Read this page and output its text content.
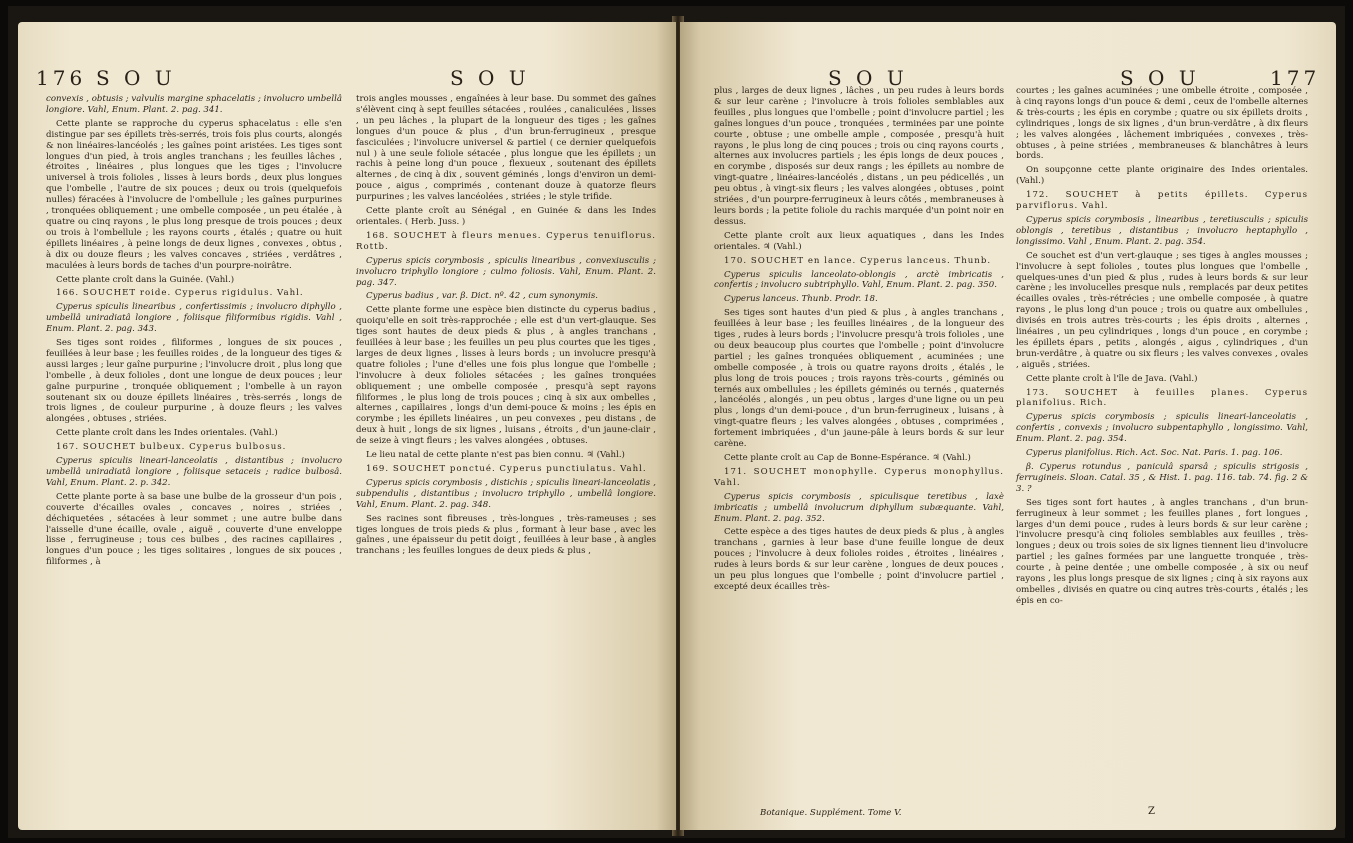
176 S O U	S O U

convexis , obtusis ; valvulis margine sphacelatis ; involucro umbellâ longiore. Vahl, Enum. Plant. 2. pag. 341.

Cette plante se rapproche du cyperus sphacelatus : elle s'en distingue par ses épillets très-serrés, trois fois plus courts, alongés & non linéaires-lancéolés ; les gaînes point aristées. Les tiges sont longues d'un pied, à trois angles tranchans ; les feuilles lâches , étroites , linéaires , plus longues que les tiges ; l'involucre universel à trois folioles , lisses à leurs bords , deux plus longues que l'ombelle , l'autre de six pouces ; deux ou trois (quelquefois nulles) féracées à l'involucre de l'ombellule ; les gaînes purpurines , tronquées obliquement ; une ombelle composée , un peu étalée , à quatre ou cinq rayons , le plus long presque de trois pouces ; deux ou trois à l'ombellule ; les rayons courts , étalés ; quatre ou huit épillets linéaires , à peine longs de deux lignes , convexes , obtus , à dix ou douze fleurs ; les valves concaves , striées , verdâtres , maculées à leurs bords de taches d'un pourpre-noirâtre.

Cette plante croît dans la Guinée. (Vahl.)

166. SOUCHET roide. Cyperus rigidulus. Vahl.

Cyperus spiculis linearibus , confertissimis ; involucro diphyllo , umbellâ uniradiatâ longiore , foliisque filiformibus rigidis. Vahl , Enum. Plant. 2. pag. 343.

Ses tiges sont roides , filiformes , longues de six pouces , feuillées à leur base ; les feuilles roides , de la longueur des tiges & aussi larges ; leur gaîne purpurine ; l'involucre droit , plus long que l'ombelle , à deux folioles , dont une longue de deux pouces ; leur gaîne purpurine , tronquée obliquement ; l'ombelle à un rayon soutenant six ou douze épillets linéaires , très-serrés , longs de trois lignes , de couleur purpurine , à douze fleurs ; les valves alongées , obtuses , striées.

Cette plante croît dans les Indes orientales. (Vahl.)

167. SOUCHET bulbeux. Cyperus bulbosus.

Cyperus spiculis lineari-lanceolatis , distantibus ; involucro umbellâ uniradiatâ longiore , foliisque setaceis ; radice bulbosâ. Vahl, Enum. Plant. 2. p. 342.

Cette plante porte à sa base une bulbe de la grosseur d'un pois , couverte d'écailles ovales , concaves , noires , striées , déchiquetées , sétacées à leur sommet ; une autre bulbe dans l'aisselle d'une écaille, ovale , aiguë , couverte d'une enveloppe lisse , ferrugineuse ; tous ces bulbes , des racines capillaires , longues d'un pouce ; les tiges solitaires , longues de six pouces , filiformes , à

trois angles mousses , engaînées à leur base. Du sommet des gaînes s'élèvent cinq à sept feuilles sétacées , roulées , canaliculées , lisses , un peu lâches , la plupart de la longueur des tiges ; les gaînes longues d'un pouce & plus , d'un brun-ferrugineux , presque fasciculées ; l'involucre universel & partiel ( ce dernier quelquefois nul ) à une seule foliole sétacée , plus longue que les épillets ; un rachis à peine long d'un pouce , flexueux , soutenant des épillets alternes , de cinq à dix , souvent géminés , longs d'environ un demi-pouce , aigus , comprimés , contenant douze à quatorze fleurs purpurines ; les valves lancéolées , striées ; le style trifide.

Cette plante croît au Sénégal , en Guinée & dans les Indes orientales. ( Herb. Juss. )

168. SOUCHET à fleurs menues. Cyperus tenuiflorus. Rottb.

Cyperus spicis corymbosis , spiculis linearibus , convexiusculis ; involucro triphyllo longiore ; culmo foliosis. Vahl, Enum. Plant. 2. pag. 347.

Cyperus badius , var. β. Dict. nº. 42 , cum synonymis.

Cette plante forme une espèce bien distincte du cyperus badius , quoiqu'elle en soit très-rapprochée ; elle est d'un vert-glauque. Ses tiges sont hautes de deux pieds & plus , à angles tranchans , feuillées à leur base ; les feuilles un peu plus courtes que les tiges , larges de deux lignes , lisses à leurs bords ; un involucre presqu'à quatre folioles ; l'une d'elles une fois plus longue que l'ombelle ; l'involucre à deux folioles sétacées ; les gaînes tronquées obliquement ; une ombelle composée , presqu'à sept rayons filiformes , le plus long de trois pouces ; cinq à six aux ombelles , alternes , capillaires , longs d'un demi-pouce & moins ; les épis en corymbe ; les épillets linéaires , un peu convexes , peu distans , de deux à huit , longs de six lignes , luisans , étroits , d'un jaune-clair , de seize à vingt fleurs ; les valves alongées , obtuses.

Le lieu natal de cette plante n'est pas bien connu. ♃ (Vahl.)

169. SOUCHET ponctué. Cyperus punctiulatus. Vahl.

Cyperus spicis corymbosis , distichis ; spiculis lineari-lanceolatis , subpendulis , distantibus ; involucro triphyllo , umbellâ longiore. Vahl, Enum. Plant. 2. pag. 348.

Ses racines sont fibreuses , très-longues , très-rameuses ; ses tiges longues de trois pieds & plus , formant à leur base , avec les gaînes , une épaisseur du petit doigt , feuillées à leur base , à angles tranchans ; les feuilles longues de deux pieds & plus ,

S O U	S O U	177

plus , larges de deux lignes , lâches , un peu rudes à leurs bords & sur leur carène ; l'involucre à trois folioles semblables aux feuilles , plus longues que l'ombelle ; point d'involucre partiel ; les gaînes longues d'un pouce , tronquées , terminées par une pointe courte , obtuse ; une ombelle ample , composée , presqu'à huit rayons , le plus long de cinq pouces ; trois ou cinq rayons courts , alternes aux involucres partiels ; les épis longs de deux pouces , en corymbe , disposés sur deux rangs ; les épillets au nombre de vingt-quatre , linéaires-lancéolés , distans , un peu pédicellés , un peu obtus , à vingt-six fleurs ; les valves alongées , obtuses , point striées , d'un pourpre-ferrugineux à leurs côtés , membraneuses à leurs bords ; la petite foliole du rachis marquée d'un point noir en dessus.

Cette plante croît aux lieux aquatiques , dans les Indes orientales. ♃ (Vahl.)

170. SOUCHET en lance. Cyperus lanceus. Thunb.

Cyperus spiculis lanceolato-oblongis , arctè imbricatis , confertis ; involucro subtriphyllo. Vahl, Enum. Plant. 2. pag. 350.

Cyperus lanceus. Thunb. Prodr. 18.

Ses tiges sont hautes d'un pied & plus , à angles tranchans , feuillées à leur base ; les feuilles linéaires , de la longueur des tiges , rudes à leurs bords ; l'involucre presqu'à trois folioles , une ou deux beaucoup plus courtes que l'ombelle ; point d'involucre partiel ; les gaînes tronquées obliquement , acuminées ; une ombelle composée , à trois ou quatre rayons droits , étalés , le plus long de trois pouces ; trois rayons très-courts , géminés ou ternés aux ombellules ; les épillets géminés ou ternés , quaternés , lancéolés , alongés , un peu obtus , larges d'une ligne ou un peu plus , longs d'un demi-pouce , d'un brun-ferrugineux , luisans , à vingt-quatre fleurs ; les valves alongées , obtuses , comprimées , fortement imbriquées , d'un jaune-pâle à leurs bords & sur leur carène.

Cette plante croît au Cap de Bonne-Espérance. ♃ (Vahl.)

171. SOUCHET monophylle. Cyperus monophyllus. Vahl.

Cyperus spicis corymbosis , spiculisque teretibus , laxè imbricatis ; umbellâ involucrum diphyllum subæquante. Vahl, Enum. Plant. 2. pag. 352.

Cette espèce a des tiges hautes de deux pieds & plus , à angles tranchans , garnies à leur base d'une feuille longue de deux pouces ; l'involucre à deux folioles roides , étroites , linéaires , rudes à leurs bords & sur leur carène , longues de deux pouces , un peu plus longues que l'ombelle ; point d'involucre partiel , excepté deux écailles très-

courtes ; les gaînes acuminées ; une ombelle étroite , composée , à cinq rayons longs d'un pouce & demi , ceux de l'ombelle alternes & très-courts ; les épis en corymbe ; quatre ou six épillets droits , cylindriques , longs de six lignes , d'un brun-verdâtre , à dix fleurs ; les valves alongées , lâchement imbriquées , convexes , très-obtuses , à peine striées , membraneuses & blanchâtres à leurs bords.

On soupçonne cette plante originaire des Indes orientales. (Vahl.)

172. SOUCHET à petits épillets. Cyperus parviflorus. Vahl.

Cyperus spicis corymbosis , linearibus , teretiusculis ; spiculis oblongis , teretibus , distantibus ; involucro heptaphyllo , longissimo. Vahl , Enum. Plant. 2. pag. 354.

Ce souchet est d'un vert-glauque ; ses tiges à angles mousses ; l'involucre à sept folioles , toutes plus longues que l'ombelle , quelques-unes d'un pied & plus , rudes à leurs bords & sur leur carène ; les involucelles presque nuls , remplacés par deux petites écailles ovales , très-rétrécies ; une ombelle composée , à quatre rayons , le plus long d'un pouce ; trois ou quatre aux ombellules , divisés en trois autres très-courts ; les épis droits , alternes , linéaires , un peu cylindriques , longs d'un pouce , en corymbe ; les épillets épars , petits , alongés , aigus , cylindriques , d'un brun-verdâtre , à quatre ou six fleurs ; les valves convexes , ovales , aiguës , striées.

Cette plante croît à l'île de Java. (Vahl.)

173. SOUCHET à feuilles planes. Cyperus planifolius. Rich.

Cyperus spicis corymbosis ; spiculis lineari-lanceolatis , confertis , convexis ; involucro subpentaphyllo , longissimo. Vahl, Enum. Plant. 2. pag. 354.

Cyperus planifolius. Rich. Act. Soc. Nat. Paris. 1. pag. 106.

β. Cyperus rotundus , paniculâ sparsâ ; spiculis strigosis , ferrugineis. Sloan. Catal. 35 , & Hist. 1. pag. 116. tab. 74. fig. 2 & 3. ?

Ses tiges sont fort hautes , à angles tranchans , d'un brun-ferrugineux à leur sommet ; les feuilles planes , fort longues , larges d'un demi pouce , rudes à leurs bords & sur leur carène ; l'involucre presqu'à cinq folioles semblables aux feuilles , très-longues ; deux ou trois soies de six lignes tiennent lieu d'involucre partiel ; les gaînes formées par une languette tronquée , très-courte , à peine dentée ; une ombelle composée , à six ou neuf rayons , les plus longs presque de six lignes ; cinq à six rayons aux ombelles , divisés en quatre ou cinq autres très-courts , étalés ; les épis en co-

Botanique. Supplément. Tome V.	Z
